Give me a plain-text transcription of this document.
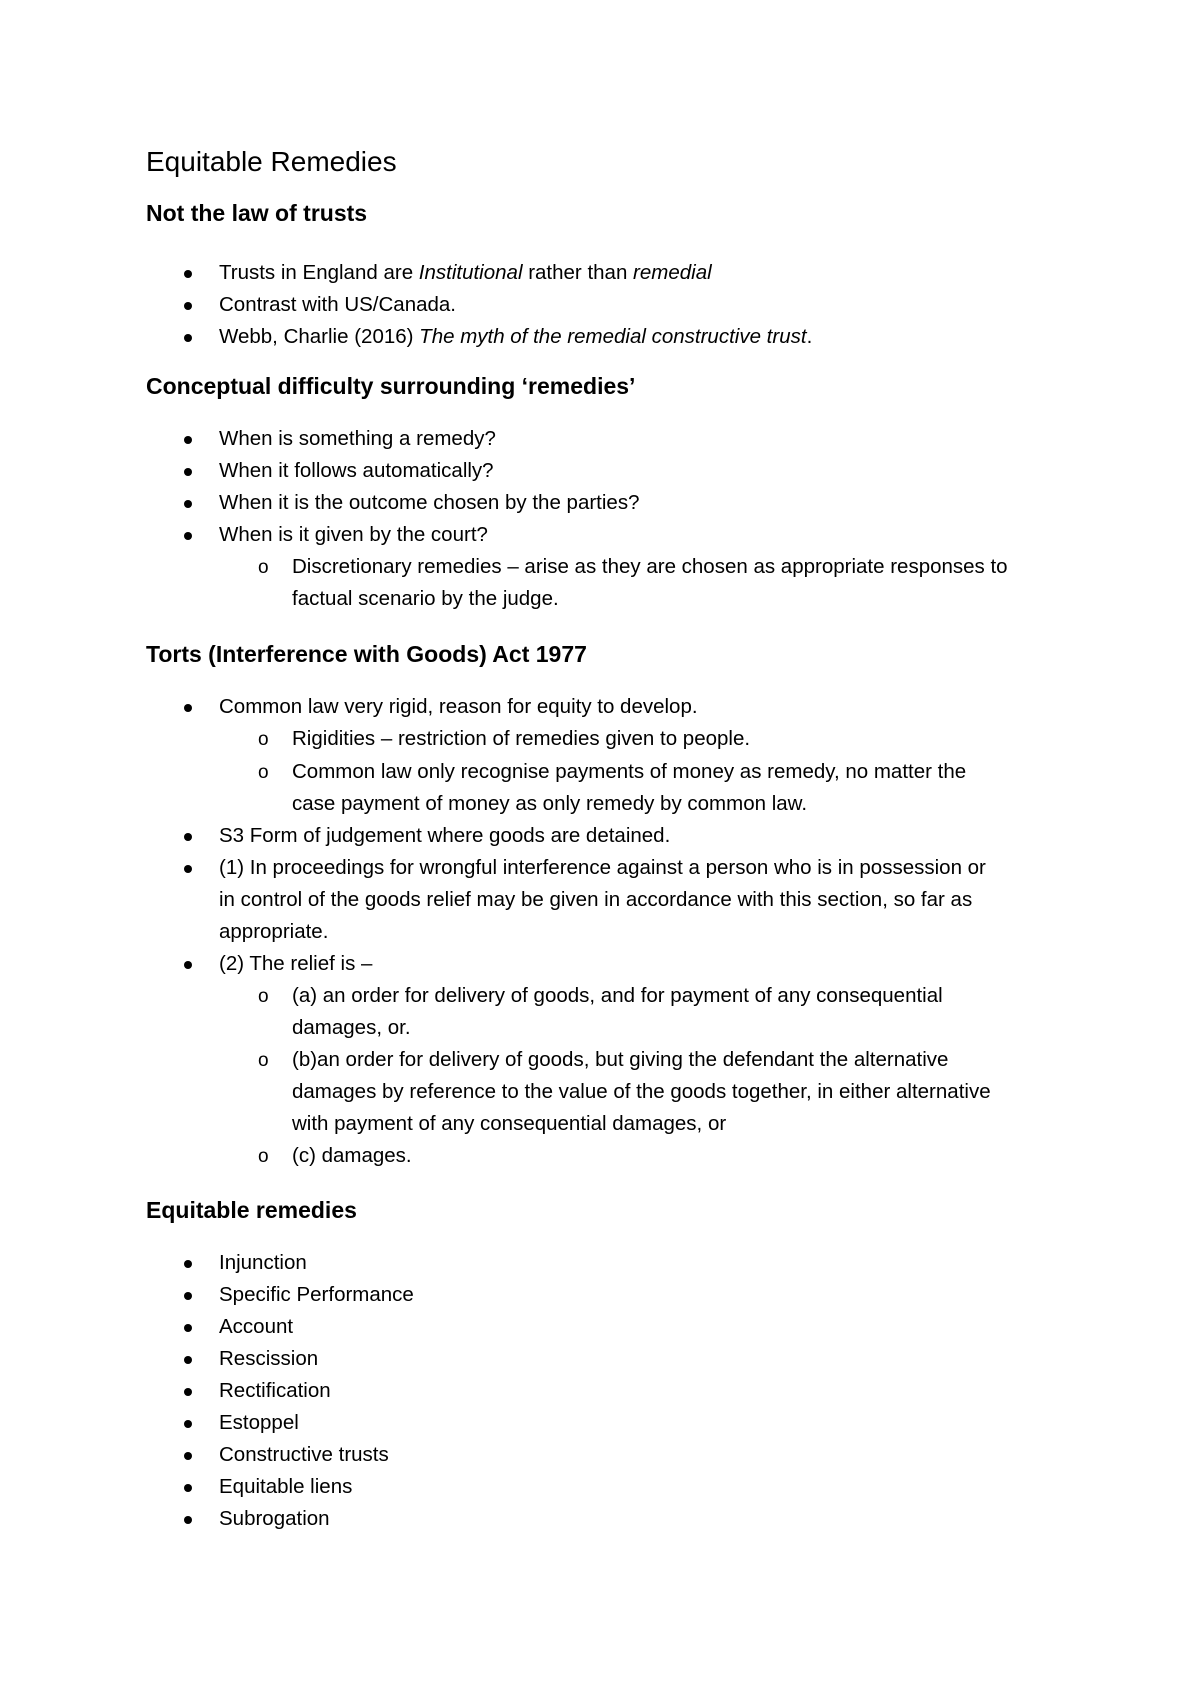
Equitable Remedies
Not the law of trusts
Trusts in England are Institutional rather than remedial
Contrast with US/Canada.
Webb, Charlie (2016) The myth of the remedial constructive trust.
Conceptual difficulty surrounding ‘remedies’
When is something a remedy?
When it follows automatically?
When it is the outcome chosen by the parties?
When is it given by the court?
o Discretionary remedies – arise as they are chosen as appropriate responses to
factual scenario by the judge.
Torts (Interference with Goods) Act 1977
Common law very rigid, reason for equity to develop.
o Rigidities – restriction of remedies given to people.
o Common law only recognise payments of money as remedy, no matter the
case payment of money as only remedy by common law.
S3 Form of judgement where goods are detained.
(1) In proceedings for wrongful interference against a person who is in possession or
in control of the goods relief may be given in accordance with this section, so far as
appropriate.
(2) The relief is –
o (a) an order for delivery of goods, and for payment of any consequential
damages, or.
o (b)an order for delivery of goods, but giving the defendant the alternative
damages by reference to the value of the goods together, in either alternative
with payment of any consequential damages, or
o (c) damages.
Equitable remedies
Injunction
Specific Performance
Account
Rescission
Rectification
Estoppel
Constructive trusts
Equitable liens
Subrogation
